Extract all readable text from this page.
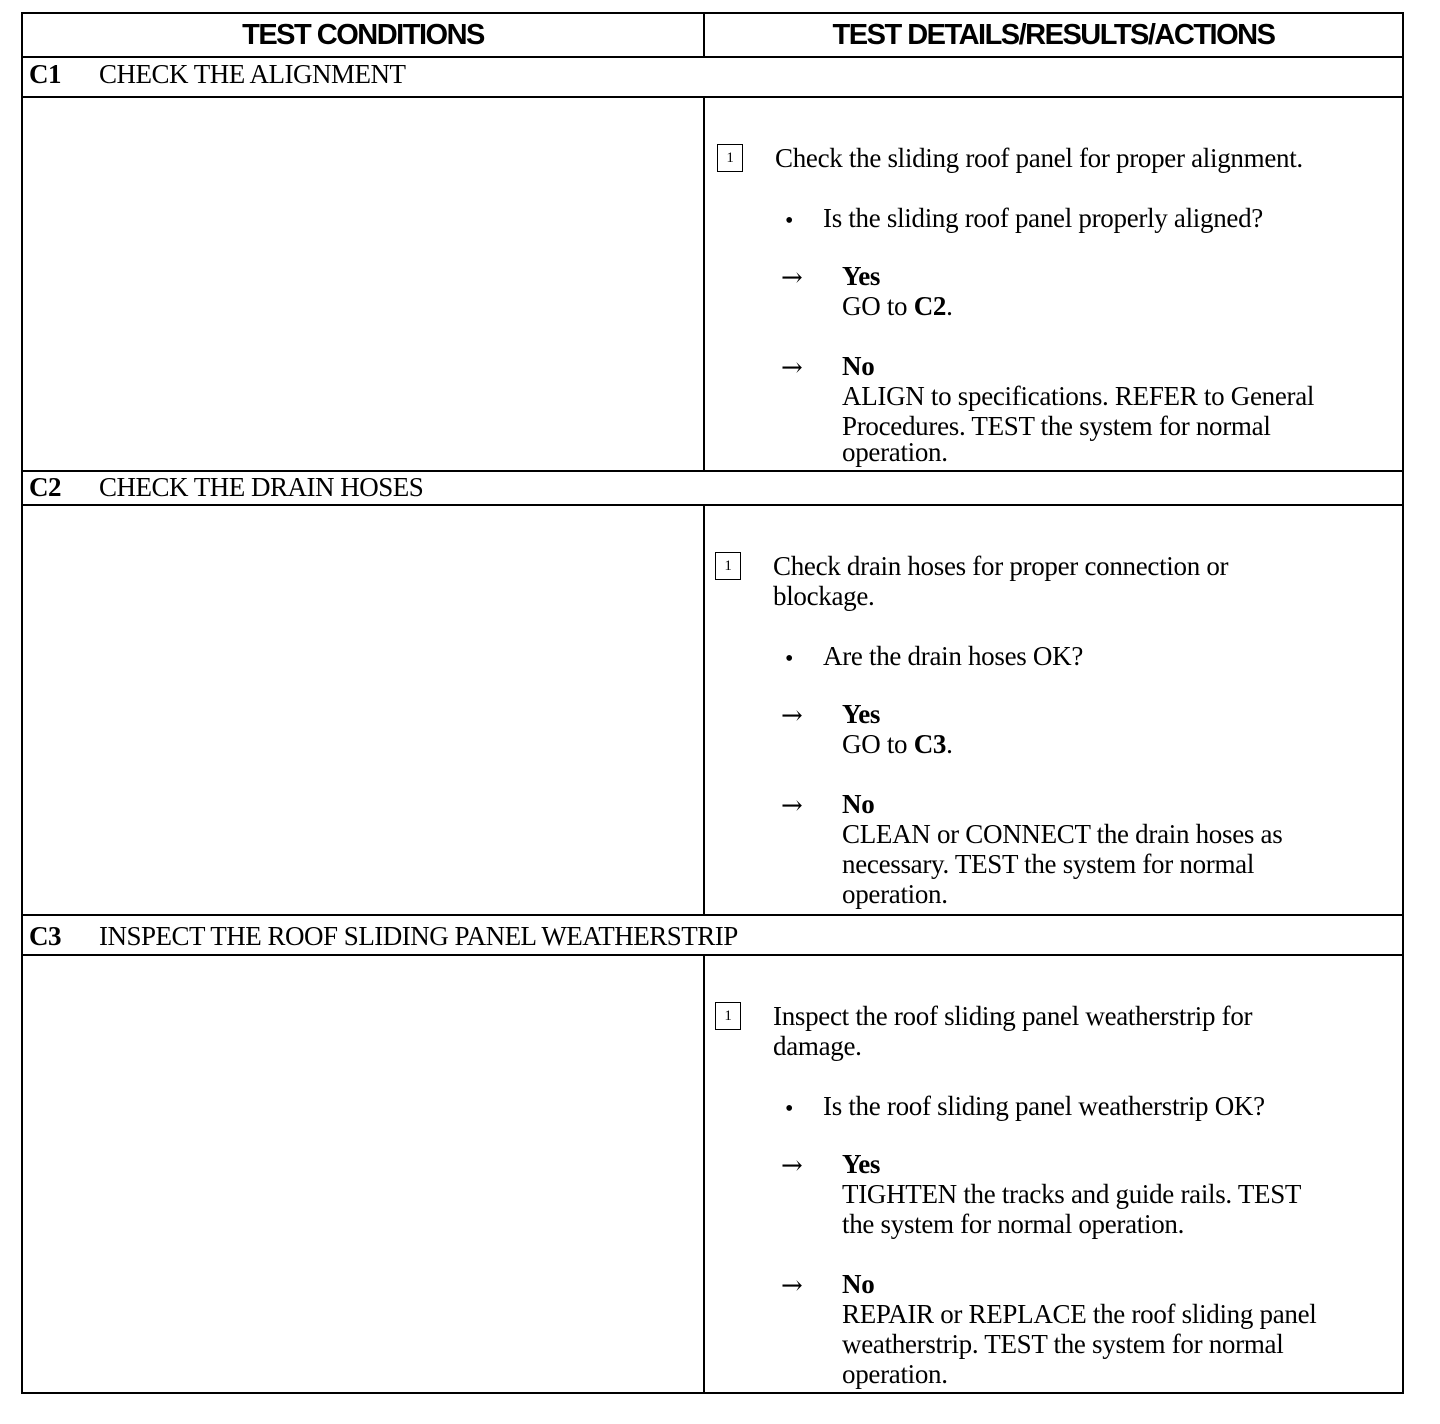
TEST CONDITIONS	TEST DETAILS/RESULTS/ACTIONS
C1 CHECK THE ALIGNMENT
1	Check the sliding roof panel for proper alignment.
• Is the sliding roof panel properly aligned?
→ Yes
GO to C2.
→ No
ALIGN to specifications. REFER to General
Procedures. TEST the system for normal
operation.
C2 CHECK THE DRAIN HOSES
1	Check drain hoses for proper connection or
blockage.
• Are the drain hoses OK?
→ Yes
GO to C3.
→ No
CLEAN or CONNECT the drain hoses as
necessary. TEST the system for normal
operation.
C3 INSPECT THE ROOF SLIDING PANEL WEATHERSTRIP
1	Inspect the roof sliding panel weatherstrip for
damage.
• Is the roof sliding panel weatherstrip OK?
→ Yes
TIGHTEN the tracks and guide rails. TEST
the system for normal operation.
→ No
REPAIR or REPLACE the roof sliding panel
weatherstrip. TEST the system for normal
operation.
